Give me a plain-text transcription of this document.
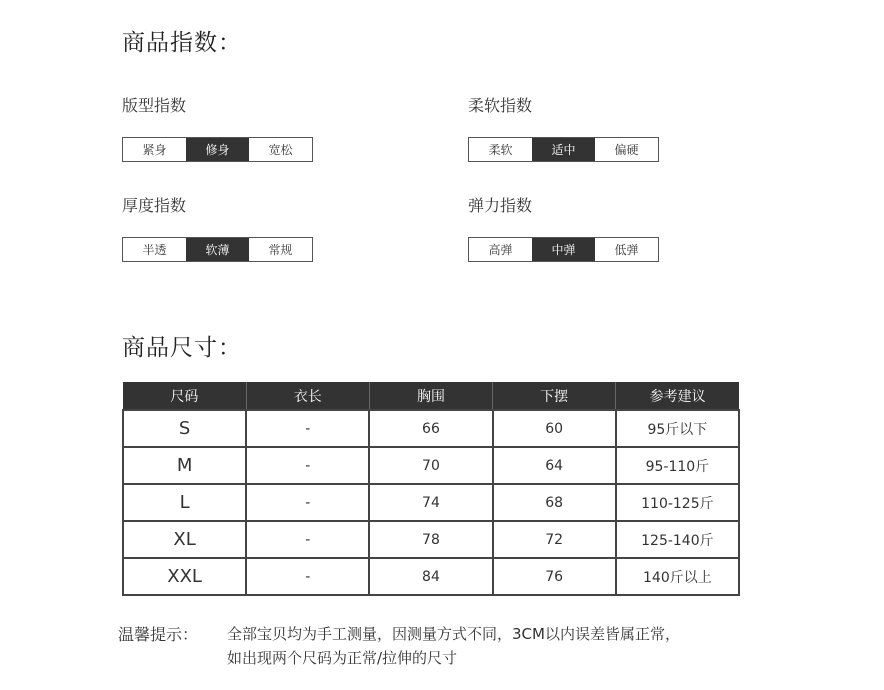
商品指数：
版型指数
紧身	修身	宽松
柔软指数
柔软	适中	偏硬
厚度指数
半透	软薄	常规
弹力指数
高弹	中弹	低弹
商品尺寸：
尺码	衣长	胸围	下摆	参考建议
S	-	66	60	95斤以下
M	-	70	64	95-110斤
L	-	74	68	110-125斤
XL	-	78	72	125-140斤
XXL	-	84	76	140斤以上
温馨提示： 全部宝贝均为手工测量，因测量方式不同，3CM以内误差皆属正常，
如出现两个尺码为正常/拉伸的尺寸
